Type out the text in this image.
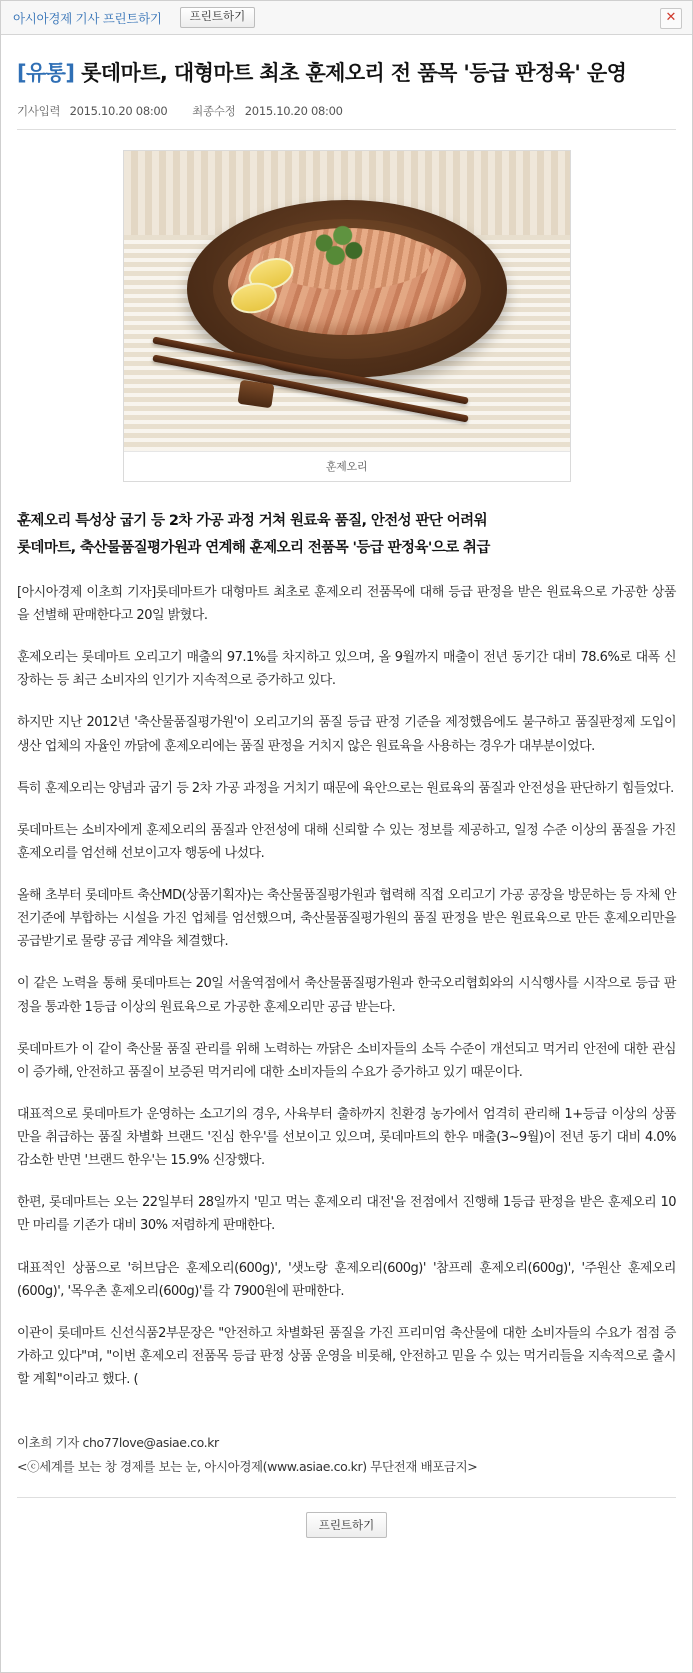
아시아경제 기사 프린트하기	프린트하기	✕
[유통] 롯데마트, 대형마트 최초 훈제오리 전 품목 '등급 판정육' 운영
기사입력 2015.10.20 08:00 최종수정 2015.10.20 08:00
훈제오리
훈제오리 특성상 굽기 등 2차 가공 과정 거쳐 원료육 품질, 안전성 판단 어려워
롯데마트, 축산물품질평가원과 연계해 훈제오리 전품목 '등급 판정육'으로 취급

[아시아경제 이초희 기자]롯데마트가 대형마트 최초로 훈제오리 전품목에 대해 등급 판정을 받은 원료육으로 가공한 상품을 선별해 판매한다고 20일 밝혔다.

훈제오리는 롯데마트 오리고기 매출의 97.1%를 차지하고 있으며, 올 9월까지 매출이 전년 동기간 대비 78.6%로 대폭 신장하는 등 최근 소비자의 인기가 지속적으로 증가하고 있다.

하지만 지난 2012년 '축산물품질평가원'이 오리고기의 품질 등급 판정 기준을 제정했음에도 불구하고 품질판정제 도입이 생산 업체의 자율인 까닭에 훈제오리에는 품질 판정을 거치지 않은 원료육을 사용하는 경우가 대부분이었다.

특히 훈제오리는 양념과 굽기 등 2차 가공 과정을 거치기 때문에 육안으로는 원료육의 품질과 안전성을 판단하기 힘들었다.

롯데마트는 소비자에게 훈제오리의 품질과 안전성에 대해 신뢰할 수 있는 정보를 제공하고, 일정 수준 이상의 품질을 가진 훈제오리를 엄선해 선보이고자 행동에 나섰다.

올해 초부터 롯데마트 축산MD(상품기획자)는 축산물품질평가원과 협력해 직접 오리고기 가공 공장을 방문하는 등 자체 안전기준에 부합하는 시설을 가진 업체를 엄선했으며, 축산물품질평가원의 품질 판정을 받은 원료육으로 만든 훈제오리만을 공급받기로 물량 공급 계약을 체결했다.

이 같은 노력을 통해 롯데마트는 20일 서울역점에서 축산물품질평가원과 한국오리협회와의 시식행사를 시작으로 등급 판정을 통과한 1등급 이상의 원료육으로 가공한 훈제오리만 공급 받는다.

롯데마트가 이 같이 축산물 품질 관리를 위해 노력하는 까닭은 소비자들의 소득 수준이 개선되고 먹거리 안전에 대한 관심이 증가해, 안전하고 품질이 보증된 먹거리에 대한 소비자들의 수요가 증가하고 있기 때문이다.

대표적으로 롯데마트가 운영하는 소고기의 경우, 사육부터 출하까지 친환경 농가에서 엄격히 관리해 1+등급 이상의 상품만을 취급하는 품질 차별화 브랜드 '진심 한우'를 선보이고 있으며, 롯데마트의 한우 매출(3~9월)이 전년 동기 대비 4.0% 감소한 반면 '브랜드 한우'는 15.9% 신장했다.

한편, 롯데마트는 오는 22일부터 28일까지 '믿고 먹는 훈제오리 대전'을 전점에서 진행해 1등급 판정을 받은 훈제오리 10만 마리를 기존가 대비 30% 저렴하게 판매한다.

대표적인 상품으로 '허브담은 훈제오리(600g)', '샛노랑 훈제오리(600g)' '참프레 훈제오리(600g)', '주원산 훈제오리(600g)', '목우촌 훈제오리(600g)'를 각 7900원에 판매한다.

이관이 롯데마트 신선식품2부문장은 "안전하고 차별화된 품질을 가진 프리미엄 축산물에 대한 소비자들의 수요가 점점 증가하고 있다"며, "이번 훈제오리 전품목 등급 판정 상품 운영을 비롯해, 안전하고 믿을 수 있는 먹거리들을 지속적으로 출시할 계획"이라고 했다. (

이초희 기자 cho77love@asiae.co.kr
<ⓒ세계를 보는 창 경제를 보는 눈, 아시아경제(www.asiae.co.kr) 무단전재 배포금지>
프린트하기
